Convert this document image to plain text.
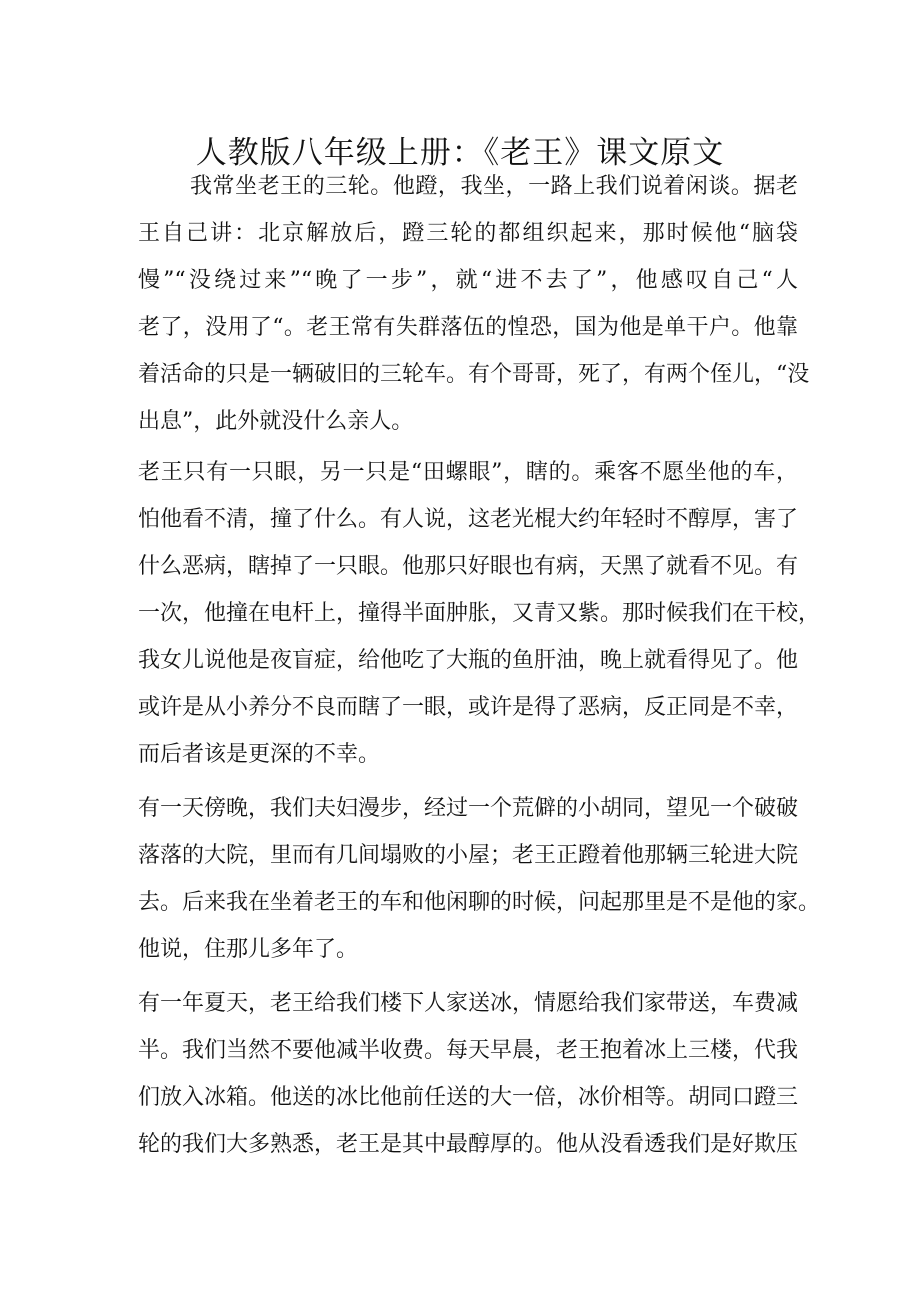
人教版八年级上册：《老王》课文原文
我常坐老王的三轮。他蹬，我坐，一路上我们说着闲谈。据老
王自己讲：北京解放后，蹬三轮的都组织起来，那时候他“脑袋
慢”“没绕过来”“晚了一步”，就“进不去了”，他感叹自己“人
老了，没用了“。老王常有失群落伍的惶恐，国为他是单干户。他靠
着活命的只是一辆破旧的三轮车。有个哥哥，死了，有两个侄儿，“没
出息”，此外就没什么亲人。
老王只有一只眼，另一只是“田螺眼”，瞎的。乘客不愿坐他的车，
怕他看不清，撞了什么。有人说，这老光棍大约年轻时不醇厚，害了
什么恶病，瞎掉了一只眼。他那只好眼也有病，天黑了就看不见。有
一次，他撞在电杆上，撞得半面肿胀，又青又紫。那时候我们在干校，
我女儿说他是夜盲症，给他吃了大瓶的鱼肝油，晚上就看得见了。他
或许是从小养分不良而瞎了一眼，或许是得了恶病，反正同是不幸，
而后者该是更深的不幸。
有一天傍晚，我们夫妇漫步，经过一个荒僻的小胡同，望见一个破破
落落的大院，里而有几间塌败的小屋；老王正蹬着他那辆三轮进大院
去。后来我在坐着老王的车和他闲聊的时候，问起那里是不是他的家。
他说，住那儿多年了。
有一年夏天，老王给我们楼下人家送冰，情愿给我们家带送，车费减
半。我们当然不要他减半收费。每天早晨，老王抱着冰上三楼，代我
们放入冰箱。他送的冰比他前任送的大一倍，冰价相等。胡同口蹬三
轮的我们大多熟悉，老王是其中最醇厚的。他从没看透我们是好欺压
